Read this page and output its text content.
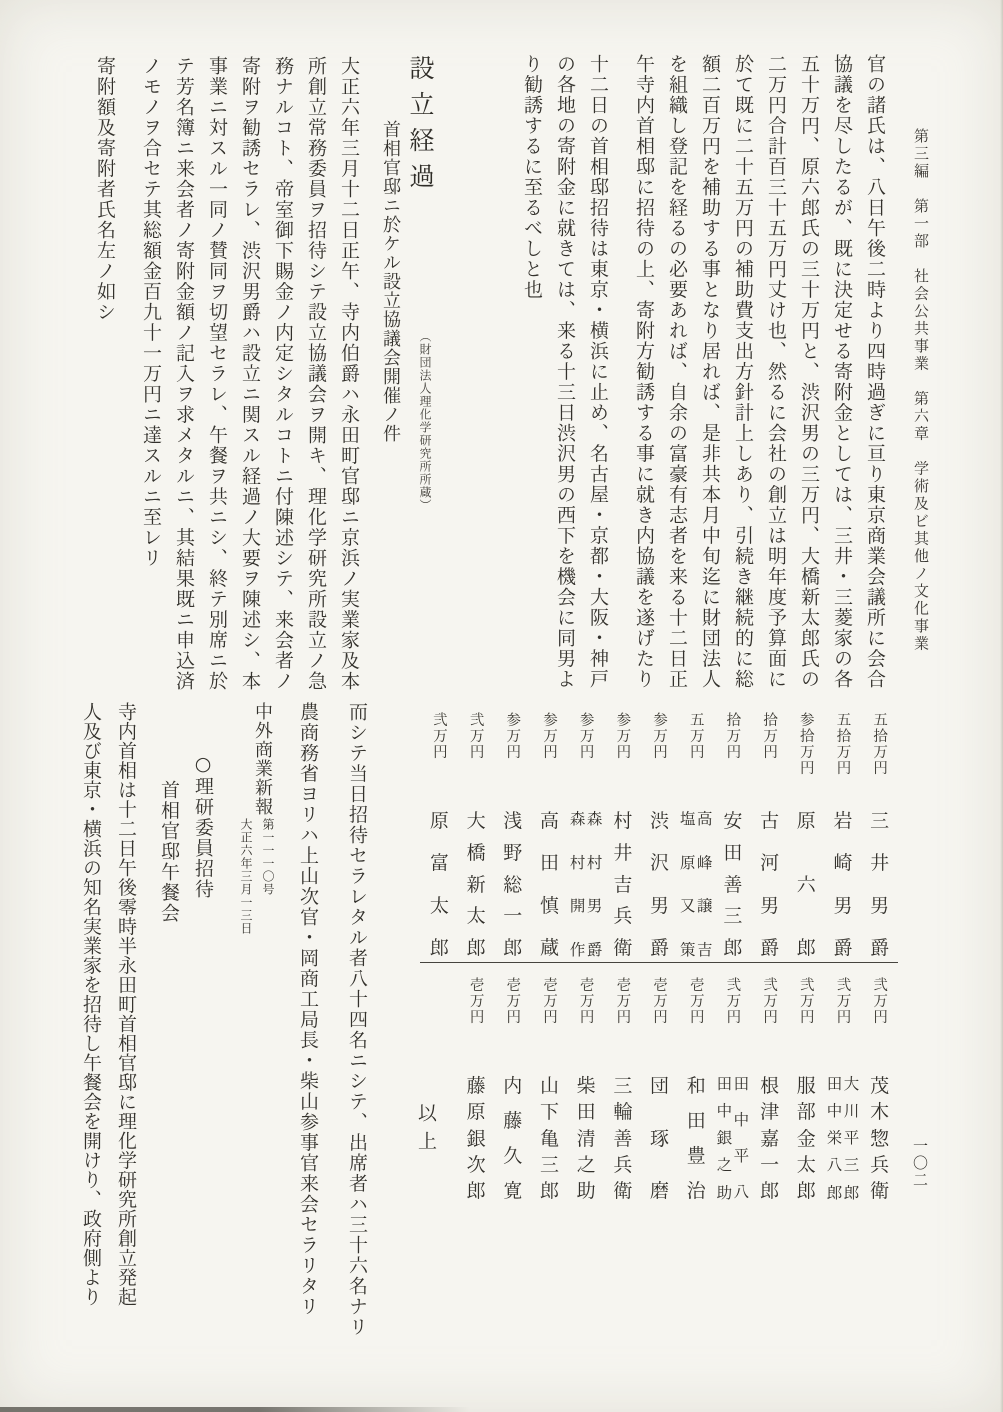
第三編　第一部　社会公共事業　第六章　学術及ビ其他ノ文化事業
一〇二

官の諸氏は、八日午後二時より四時過ぎに亘り東京商業会議所に会合協議を尽したるが、既に決定せる寄附金としては、三井・三菱家の各五十万円、原六郎氏の三十万円と、渋沢男の三万円、大橋新太郎氏の二万円合計百三十五万円丈け也、然るに会社の創立は明年度予算面に於て既に二十五万円の補助費支出方針計上しあり、引続き継続的に総額二百万円を補助する事となり居れば、是非共本月中旬迄に財団法人を組織し登記を経るの必要あれば、自余の富豪有志者を来る十二日正午寺内首相邸に招待の上、寄附方勧誘する事に就き内協議を遂げたり

十二日の首相邸招待は東京・横浜に止め、名古屋・京都・大阪・神戸の各地の寄附金に就きては、来る十三日渋沢男の西下を機会に同男より勧誘するに至るべしと也

設立経過
（財団法人理化学研究所所蔵）
首相官邸ニ於ケル設立協議会開催ノ件

大正六年三月十二日正午、寺内伯爵ハ永田町官邸ニ京浜ノ実業家及本所創立常務委員ヲ招待シテ設立協議会ヲ開キ、理化学研究所設立ノ急務ナルコト、帝室御下賜金ノ内定シタルコトニ付陳述シテ、来会者ノ寄附ヲ勧誘セラレ、渋沢男爵ハ設立ニ関スル経過ノ大要ヲ陳述シ、本事業ニ対スル一同ノ賛同ヲ切望セラレ、午餐ヲ共ニシ、終テ別席ニ於テ芳名簿ニ来会者ノ寄附金額ノ記入ヲ求メタルニ、其結果既ニ申込済ノモノヲ合セテ其総額金百九十一万円ニ達スルニ至レリ

寄附額及寄附者氏名左ノ如シ

五拾万円
三
井
男
爵
五拾万円
岩
崎
男
爵
参拾万円
原
六
郎
拾万円
古
河
男
爵
拾万円
安
田
善
三
郎
五万円
高
峰
譲
吉
塩
原
又
策
参万円
渋
沢
男
爵
参万円
村
井
吉
兵
衛
参万円
森
村
男
爵
森
村
開
作
参万円
高
田
慎
蔵
参万円
浅
野
総
一
郎
弐万円
大
橋
新
太
郎
弐万円
原
富
太
郎
弐万円
茂
木
惣
兵
衛
弐万円
大
川
平
三
郎
田
中
栄
八
郎
弐万円
服
部
金
太
郎
弐万円
根
津
嘉
一
郎
弐万円
田
中
平
八
田
中
銀
之
助
壱万円
和
田
豊
治
壱万円
団
琢
磨
壱万円
三
輪
善
兵
衛
壱万円
柴
田
清
之
助
壱万円
山
下
亀
三
郎
壱万円
内
藤
久
寛
壱万円
藤
原
銀
次
郎
以上

而シテ当日招待セラレタル者八十四名ニシテ、出席者ハ三十六名ナリ

農商務省ヨリハ上山次官・岡商工局長・柴山参事官来会セラリタリ

中外商業新報

第一一一〇号

大正六年三月一三日

○理研委員招待
首相官邸午餐会

寺内首相は十二日午後零時半永田町首相官邸に理化学研究所創立発起人及び東京・横浜の知名実業家を招待し午餐会を開けり、政府側より
